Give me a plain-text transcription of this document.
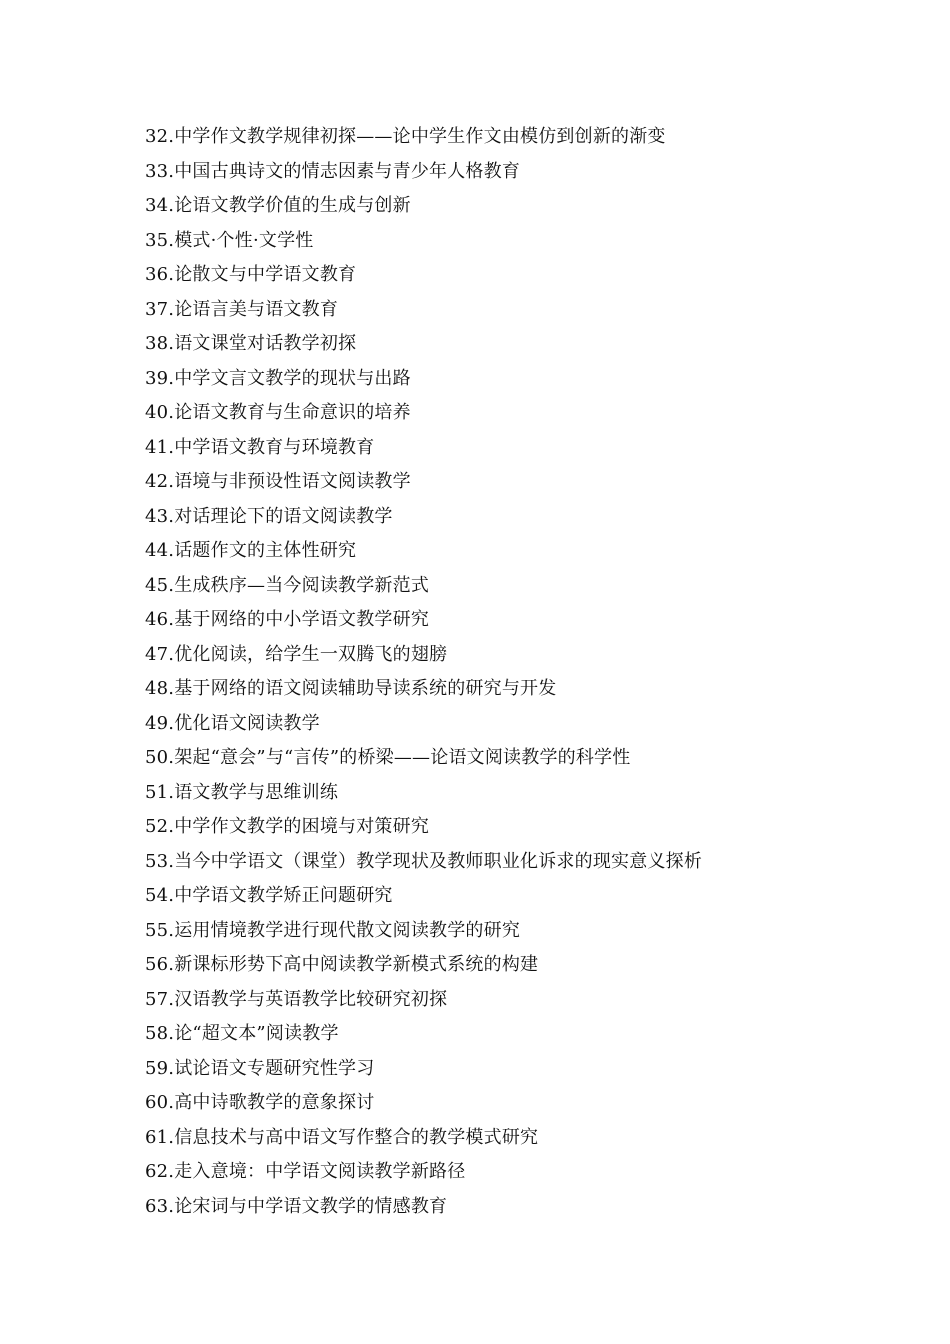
32.中学作文教学规律初探——论中学生作文由模仿到创新的渐变
33.中国古典诗文的情志因素与青少年人格教育
34.论语文教学价值的生成与创新
35.模式·个性·文学性
36.论散文与中学语文教育
37.论语言美与语文教育
38.语文课堂对话教学初探
39.中学文言文教学的现状与出路
40.论语文教育与生命意识的培养
41.中学语文教育与环境教育
42.语境与非预设性语文阅读教学
43.对话理论下的语文阅读教学
44.话题作文的主体性研究
45.生成秩序—当今阅读教学新范式
46.基于网络的中小学语文教学研究
47.优化阅读，给学生一双腾飞的翅膀
48.基于网络的语文阅读辅助导读系统的研究与开发
49.优化语文阅读教学
50.架起“意会”与“言传”的桥梁——论语文阅读教学的科学性
51.语文教学与思维训练
52.中学作文教学的困境与对策研究
53.当今中学语文（课堂）教学现状及教师职业化诉求的现实意义探析
54.中学语文教学矫正问题研究
55.运用情境教学进行现代散文阅读教学的研究
56.新课标形势下高中阅读教学新模式系统的构建
57.汉语教学与英语教学比较研究初探
58.论“超文本”阅读教学
59.试论语文专题研究性学习
60.高中诗歌教学的意象探讨
61.信息技术与高中语文写作整合的教学模式研究
62.走入意境：中学语文阅读教学新路径
63.论宋词与中学语文教学的情感教育
